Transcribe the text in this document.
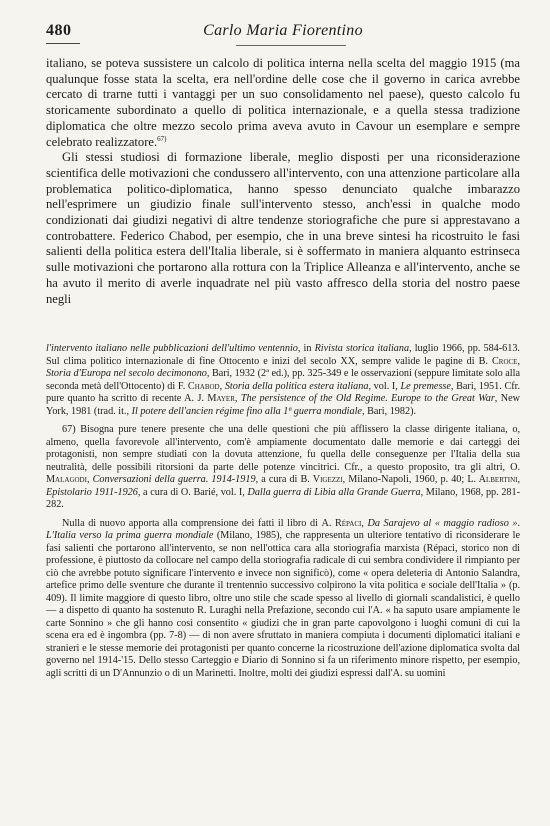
480	Carlo Maria Fiorentino

italiano, se poteva sussistere un calcolo di politica interna nella scelta del maggio 1915 (ma qualunque fosse stata la scelta, era nell'ordine delle cose che il governo in carica avrebbe cercato di trarne tutti i vantaggi per un suo consolidamento nel paese), questo calcolo fu storicamente subordinato a quello di politica internazionale, e a quella stessa tradizione diplomatica che oltre mezzo secolo prima aveva avuto in Cavour un esemplare e sempre celebrato realizzatore.$^{67)}$

Gli stessi studiosi di formazione liberale, meglio disposti per una riconsiderazione scientifica delle motivazioni che condussero all'intervento, con una attenzione particolare alla problematica politico-diplomatica, hanno spesso denunciato qualche imbarazzo nell'esprimere un giudizio finale sull'intervento stesso, anch'essi in qualche modo condizionati dai giudizi negativi di altre tendenze storiografiche che pure si apprestavano a controbattere. Federico Chabod, per esempio, che in una breve sintesi ha ricostruito le fasi salienti della politica estera dell'Italia liberale, si è soffermato in maniera alquanto estrinseca sulle motivazioni che portarono alla rottura con la Triplice Alleanza e all'intervento, anche se ha avuto il merito di averle inquadrate nel più vasto affresco della storia del nostro paese negli

l'intervento italiano nelle pubblicazioni dell'ultimo ventennio, in Rivista storica italiana, luglio 1966, pp. 584-613. Sul clima politico internazionale di fine Ottocento e inizi del secolo XX, sempre valide le pagine di B. Croce, Storia d'Europa nel secolo decimonono, Bari, 1932 (2ª ed.), pp. 325-349 e le osservazioni (seppure limitate solo alla seconda metà dell'Ottocento) di F. Chabod, Storia della politica estera italiana, vol. I, Le premesse, Bari, 1951. Cfr. pure quanto ha scritto di recente A. J. Mayer, The persistence of the Old Regime. Europe to the Great War, New York, 1981 (trad. it., Il potere dell'ancien régime fino alla 1ª guerra mondiale, Bari, 1982).

67) Bisogna pure tenere presente che una delle questioni che più afflissero la classe dirigente italiana, o, almeno, quella favorevole all'intervento, com'è ampiamente documentato dalle memorie e dai carteggi dei protagonisti, non sempre studiati con la dovuta attenzione, fu quella delle conseguenze per l'Italia della sua neutralità, delle possibili ritorsioni da parte delle potenze vincitrici. Cfr., a questo proposito, tra gli altri, O. Malagodi, Conversazioni della guerra. 1914-1919, a cura di B. Vigezzi, Milano-Napoli, 1960, p. 40; L. Albertini, Epistolario 1911-1926, a cura di O. Barié, vol. I, Dalla guerra di Libia alla Grande Guerra, Milano, 1968, pp. 281-282.

Nulla di nuovo apporta alla comprensione dei fatti il libro di A. Répaci, Da Sarajevo al « maggio radioso ». L'Italia verso la prima guerra mondiale (Milano, 1985), che rappresenta un ulteriore tentativo di riconsiderare le fasi salienti che portarono all'intervento, se non nell'ottica cara alla storiografia marxista (Répaci, storico non di professione, è piuttosto da collocare nel campo della storiografia radicale di cui sembra condividere il rimpianto per ciò che avrebbe potuto significare l'intervento e invece non significò), come « opera deleteria di Antonio Salandra, artefice primo delle sventure che durante il trentennio successivo colpirono la vita politica e sociale dell'Italia » (p. 409). Il limite maggiore di questo libro, oltre uno stile che scade spesso al livello di giornali scandalistici, è quello — a dispetto di quanto ha sostenuto R. Luraghi nella Prefazione, secondo cui l'A. « ha saputo usare ampiamente le carte Sonnino » che gli hanno così consentito « giudizi che in gran parte capovolgono i luoghi comuni di cui la scena era ed è ingombra (pp. 7-8) — di non avere sfruttato in maniera compiuta i documenti diplomatici italiani e stranieri e le stesse memorie dei protagonisti per quanto concerne la ricostruzione dell'azione diplomatica svolta dal governo nel 1914-'15. Dello stesso Carteggio e Diario di Sonnino si fa un riferimento minore rispetto, per esempio, agli scritti di un D'Annunzio o di un Marinetti. Inoltre, molti dei giudizi espressi dall'A. su uomini
